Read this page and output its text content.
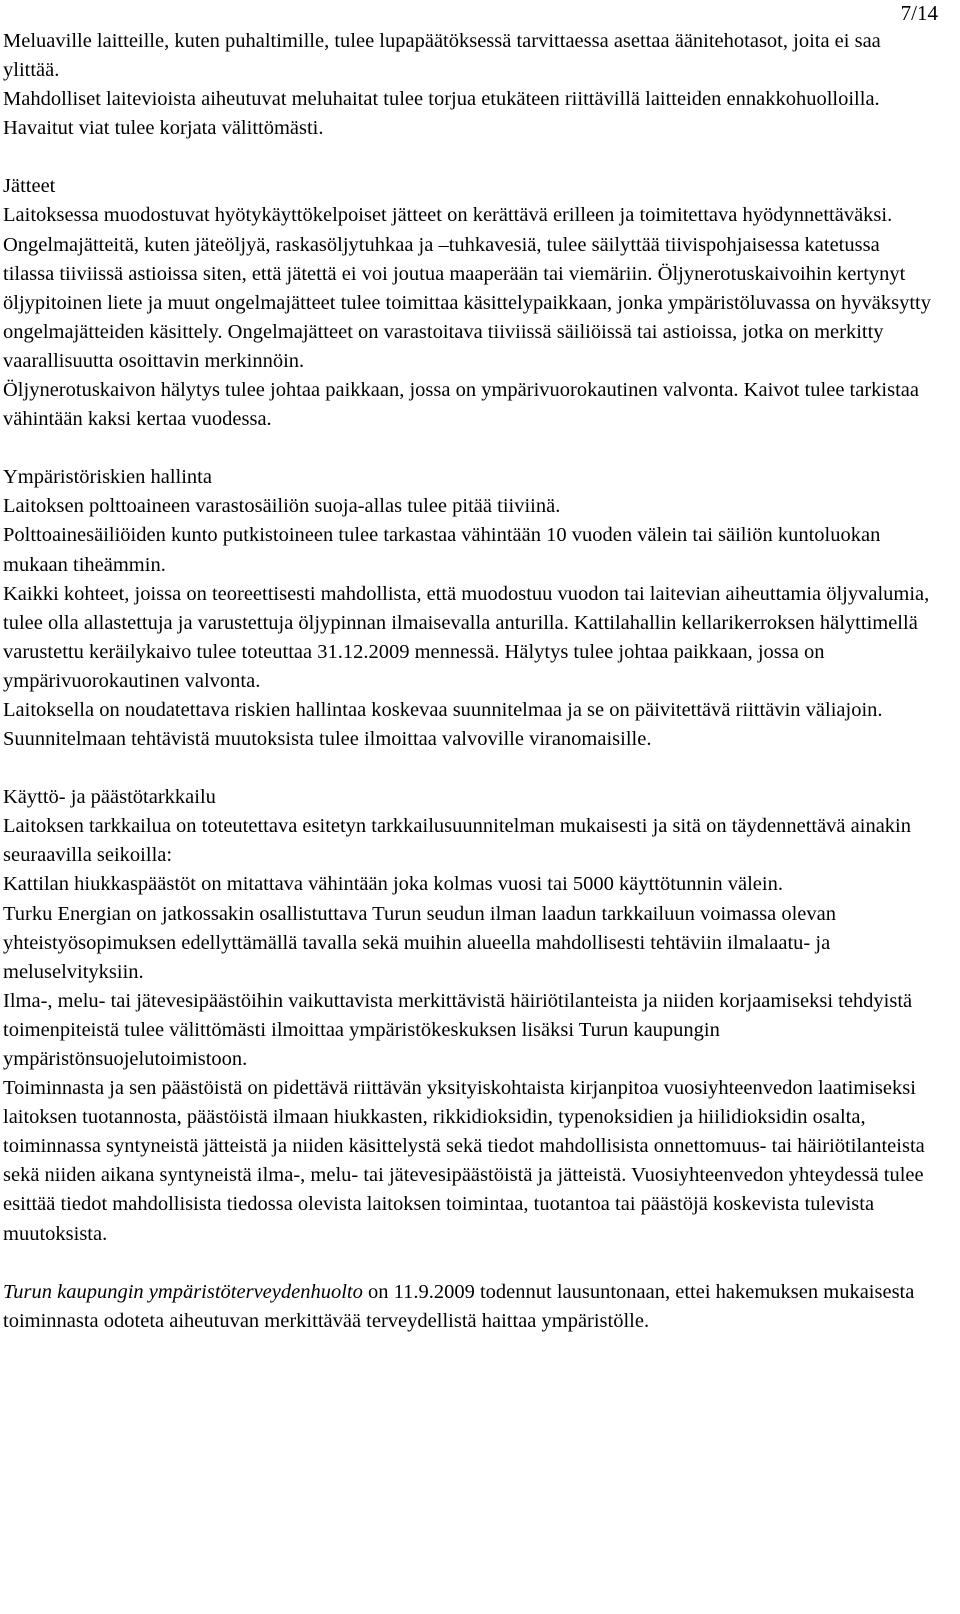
7/14

Meluaville laitteille, kuten puhaltimille, tulee lupapäätöksessä tarvittaessa asettaa äänitehotasot, joita ei saa ylittää.

Mahdolliset laitevioista aiheutuvat meluhaitat tulee torjua etukäteen riittävillä laitteiden ennakkohuolloilla. Havaitut viat tulee korjata välittömästi.

Jätteet

Laitoksessa muodostuvat hyötykäyttökelpoiset jätteet on kerättävä erilleen ja toimitettava hyödynnettäväksi.

Ongelmajätteitä, kuten jäteöljyä, raskasöljytuhkaa ja –tuhkavesiä, tulee säilyttää tiivispohjaisessa katetussa tilassa tiiviissä astioissa siten, että jätettä ei voi joutua maaperään tai viemäriin. Öljynerotuskaivoihin kertynyt öljypitoinen liete ja muut ongelmajätteet tulee toimittaa käsittelypaikkaan, jonka ympäristöluvassa on hyväksytty ongelmajätteiden käsittely. Ongelmajätteet on varastoitava tiiviissä säiliöissä tai astioissa, jotka on merkitty vaarallisuutta osoittavin merkinnöin.

Öljynerotuskaivon hälytys tulee johtaa paikkaan, jossa on ympärivuorokautinen valvonta. Kaivot tulee tarkistaa vähintään kaksi kertaa vuodessa.

Ympäristöriskien hallinta

Laitoksen polttoaineen varastosäiliön suoja-allas tulee pitää tiiviinä.

Polttoainesäiliöiden kunto putkistoineen tulee tarkastaa vähintään 10 vuoden välein tai säiliön kuntoluokan mukaan tiheämmin.

Kaikki kohteet, joissa on teoreettisesti mahdollista, että muodostuu vuodon tai laitevian aiheuttamia öljyvalumia, tulee olla allastettuja ja varustettuja öljypinnan ilmaisevalla anturilla. Kattilahallin kellarikerroksen hälyttimellä varustettu keräilykaivo tulee toteuttaa 31.12.2009 mennessä. Hälytys tulee johtaa paikkaan, jossa on ympärivuorokautinen valvonta.

Laitoksella on noudatettava riskien hallintaa koskevaa suunnitelmaa ja se on päivitettävä riittävin väliajoin. Suunnitelmaan tehtävistä muutoksista tulee ilmoittaa valvoville viranomaisille.

Käyttö- ja päästötarkkailu

Laitoksen tarkkailua on toteutettava esitetyn tarkkailusuunnitelman mukaisesti ja sitä on täydennettävä ainakin seuraavilla seikoilla:

Kattilan hiukkaspäästöt on mitattava vähintään joka kolmas vuosi tai 5000 käyttötunnin välein.

Turku Energian on jatkossakin osallistuttava Turun seudun ilman laadun tarkkailuun voimassa olevan yhteistyösopimuksen edellyttämällä tavalla sekä muihin alueella mahdollisesti tehtäviin ilmalaatu- ja meluselvityksiin.

Ilma-, melu- tai jätevesipäästöihin vaikuttavista merkittävistä häiriötilanteista ja niiden korjaamiseksi tehdyistä toimenpiteistä tulee välittömästi ilmoittaa ympäristökeskuksen lisäksi Turun kaupungin ympäristönsuojelutoimistoon.

Toiminnasta ja sen päästöistä on pidettävä riittävän yksityiskohtaista kirjanpitoa vuosiyhteenvedon laatimiseksi laitoksen tuotannosta, päästöistä ilmaan hiukkasten, rikkidioksidin, typenoksidien ja hiilidioksidin osalta, toiminnassa syntyneistä jätteistä ja niiden käsittelystä sekä tiedot mahdollisista onnettomuus- tai häiriötilanteista sekä niiden aikana syntyneistä ilma-, melu- tai jätevesipäästöistä ja jätteistä. Vuosiyhteenvedon yhteydessä tulee esittää tiedot mahdollisista tiedossa olevista laitoksen toimintaa, tuotantoa tai päästöjä koskevista tulevista muutoksista.

Turun kaupungin ympäristöterveydenhuolto on 11.9.2009 todennut lausuntonaan, ettei hakemuksen mukaisesta toiminnasta odoteta aiheutuvan merkittävää terveydellistä haittaa ympäristölle.
